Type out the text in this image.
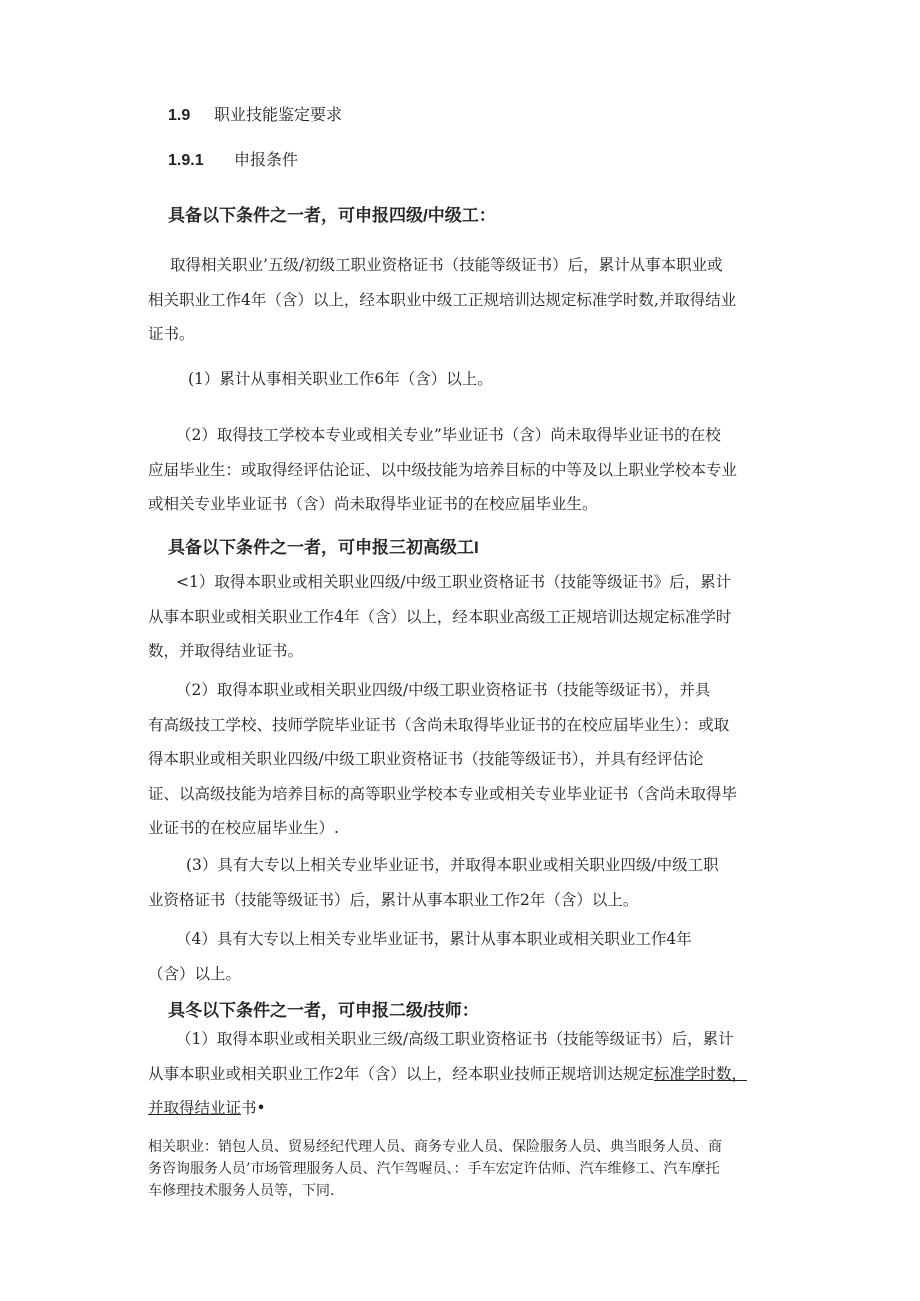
1.9 职业技能鉴定要求
1.9.1 申报条件
具备以下条件之一者，可申报四级/中级工：
取得相关职业’五级/初级工职业资格证书（技能等级证书）后，累计从事本职业或
相关职业工作4年（含）以上，经本职业中级工正规培训达规定标准学时数,并取得结业
证书。
(1）累计从事相关职业工作6年（含）以上。
（2）取得技工学校本专业或相关专业”毕业证书（含）尚未取得毕业证书的在校
应届毕业生：或取得经评估论证、以中级技能为培养目标的中等及以上职业学校本专业
或相关专业毕业证书（含）尚未取得毕业证书的在校应届毕业生。
具备以下条件之一者，可申报三初高级工I
<1）取得本职业或相关职业四级/中级工职业资格证书（技能等级证书》后，累计
从事本职业或相关职业工作4年（含）以上，经本职业高级工正规培训达规定标准学时
数，并取得结业证书。
（2）取得本职业或相关职业四级/中级工职业资格证书（技能等级证书），并具
有高级技工学校、技师学院毕业证书（含尚未取得毕业证书的在校应届毕业生）：或取
得本职业或相关职业四级/中级工职业资格证书（技能等级证书），并具有经评估论
证、以高级技能为培养目标的高等职业学校本专业或相关专业毕业证书（含尚未取得毕
业证书的在校应届毕业生）.
(3）具有大专以上相关专业毕业证书，并取得本职业或相关职业四级/中级工职
业资格证书（技能等级证书）后，累计从事本职业工作2年（含）以上。
（4）具有大专以上相关专业毕业证书，累计从事本职业或相关职业工作4年
（含）以上。
具冬以下条件之一者，可申报二级/技师：
（1）取得本职业或相关职业三级/高级工职业资格证书（技能等级证书）后，累计
从事本职业或相关职业工作2年（含）以上，经本职业技师正规培训达规定标准学时数，
并取得结业证书•
相关职业：销包人员、贸易经纪代理人员、商务专业人员、保险服务人员、典当眼务人员、商
务咨询服务人员’市场管理服务人员、汽乍驾喔员、：手车宏定许估师、汽车维修工、汽车摩托
车修理技术服务人员等，下同.
